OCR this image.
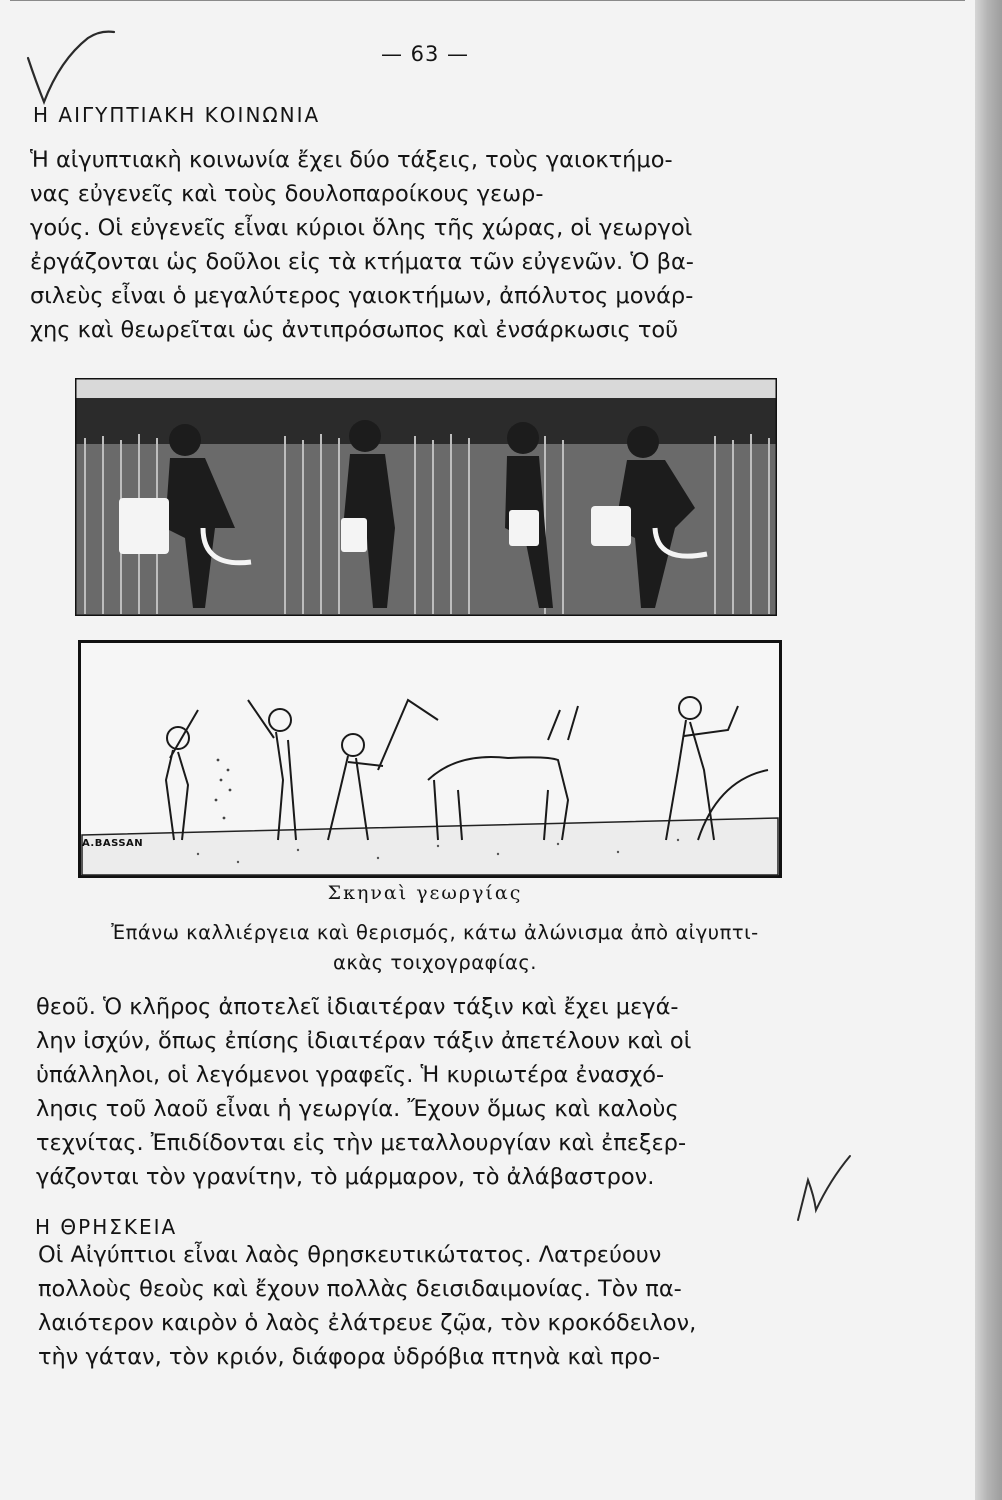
— 63 —

Η ΑΙΓΥΠΤΙΑΚΗ ΚΟΙΝΩΝΙΑ
Ἡ αἰγυπτιακὴ κοινωνία ἔχει δύο τάξεις, τοὺς γαιοκτήμο-
νας εὐγενεῖς καὶ τοὺς δουλοπαροίκους γεωρ-
γούς. Οἱ εὐγενεῖς εἶναι κύριοι ὅλης τῆς χώρας, οἱ γεωργοὶ
ἐργάζονται ὡς δοῦλοι εἰς τὰ κτήματα τῶν εὐγενῶν. Ὁ βα-
σιλεὺς εἶναι ὁ μεγαλύτερος γαιοκτήμων, ἀπόλυτος μονάρ-
χης καὶ θεωρεῖται ὡς ἀντιπρόσωπος καὶ ἐνσάρκωσις τοῦ
A.BASSAN

Σκηναὶ γεωργίας

Ἐπάνω καλλιέργεια καὶ θερισμός, κάτω ἀλώνισμα ἀπὸ αἰγυπτι-
ακὰς τοιχογραφίας.
θεοῦ. Ὁ κλῆρος ἀποτελεῖ ἰδιαιτέραν τάξιν καὶ ἔχει μεγά-
λην ἰσχύν, ὅπως ἐπίσης ἰδιαιτέραν τάξιν ἀπετέλουν καὶ οἱ
ὑπάλληλοι, οἱ λεγόμενοι γραφεῖς. Ἡ κυριωτέρα ἐνασχό-
λησις τοῦ λαοῦ εἶναι ἡ γεωργία. Ἔχουν ὅμως καὶ καλοὺς
τεχνίτας. Ἐπιδίδονται εἰς τὴν μεταλλουργίαν καὶ ἐπεξερ-
γάζονται τὸν γρανίτην, τὸ μάρμαρον, τὸ ἀλάβαστρον.
Η ΘΡΗΣΚΕΙΑ
Οἱ Αἰγύπτιοι εἶναι λαὸς θρησκευτικώτατος. Λατρεύουν
πολλοὺς θεοὺς καὶ ἔχουν πολλὰς δεισιδαιμονίας. Τὸν πα-
λαιότερον καιρὸν ὁ λαὸς ἐλάτρευε ζῷα, τὸν κροκόδειλον,
τὴν γάταν, τὸν κριόν, διάφορα ὑδρόβια πτηνὰ καὶ προ-
